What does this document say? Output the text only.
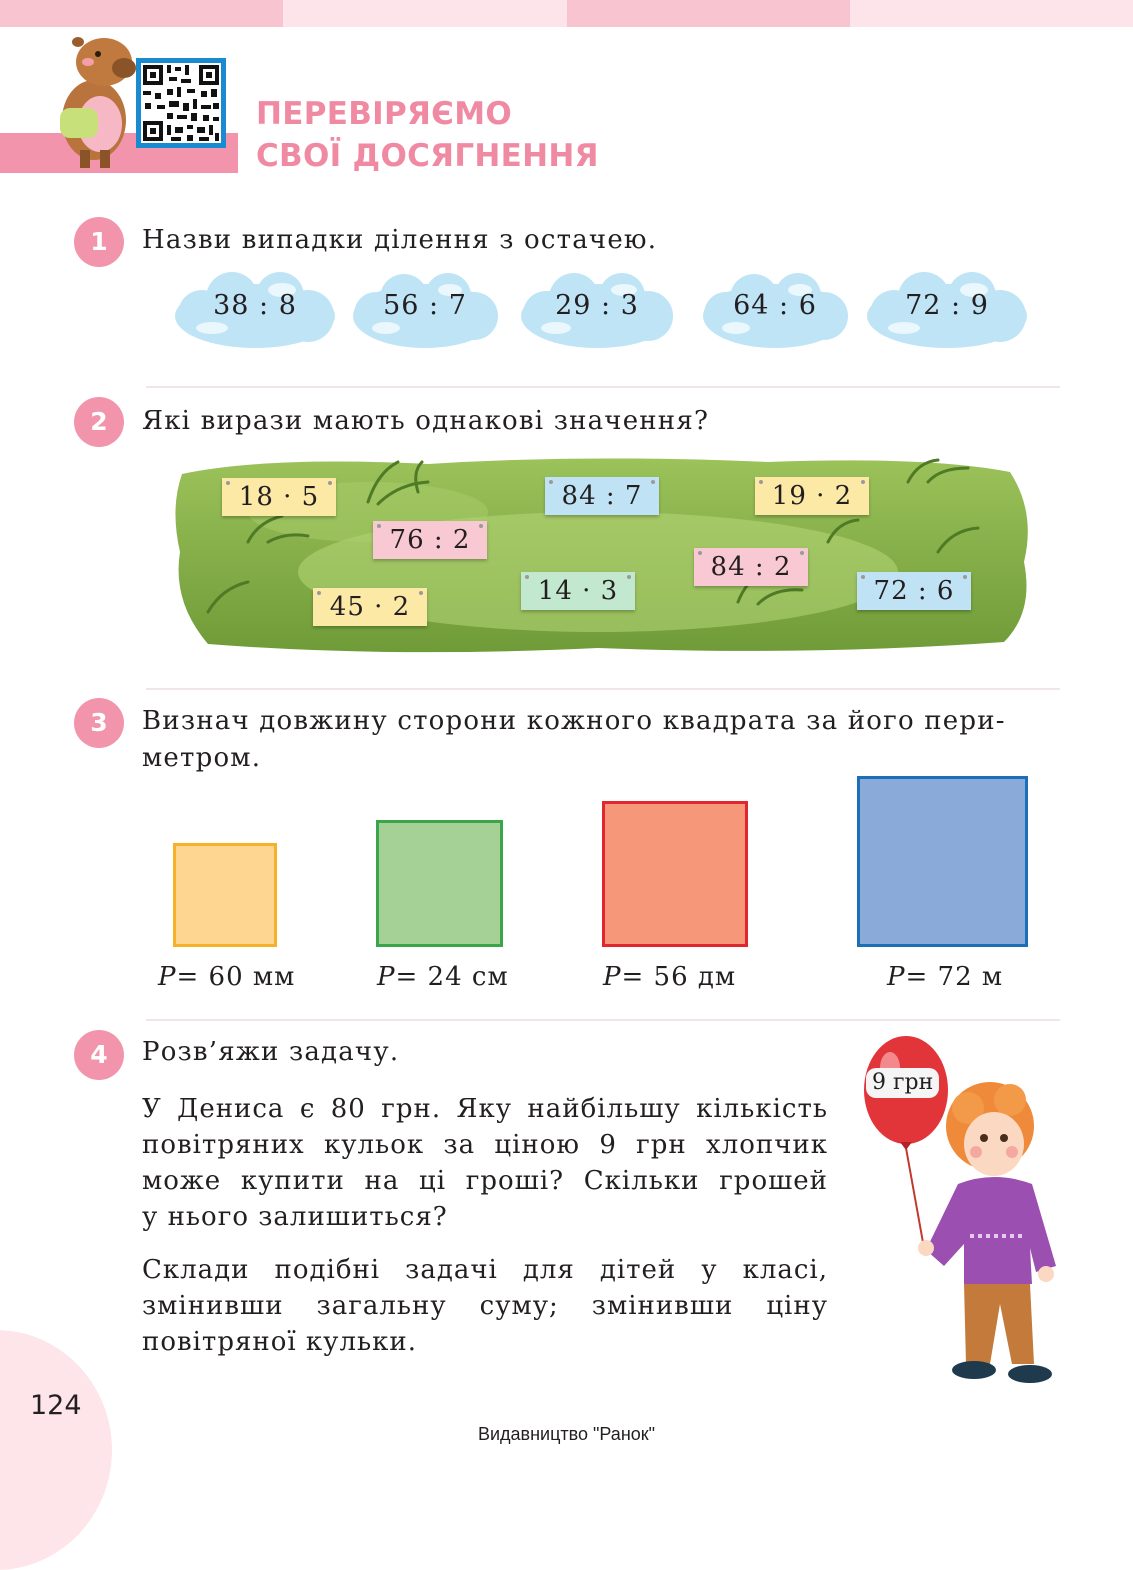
ПЕРЕВІРЯЄМО
СВОЇ ДОСЯГНЕННЯ
1	Назви випадки ділення з остачею.
38 : 8	56 : 7	29 : 3	64 : 6	72 : 9
2	Які вирази мають однакові значення?
18 · 5
76 : 2
45 · 2
84 : 7
14 · 3
19 · 2
84 : 2
72 : 6
3	Визнач довжину сторони кожного квадрата за його пери-
метром.
P= 60 мм	P= 24 см	P= 56 дм	P= 72 м
4	Розв’яжи задачу.
У Дениса є 80 грн. Яку найбільшу кількість
повітряних кульок за ціною 9 грн хлопчик
може купити на ці гроші? Скільки грошей
у нього залишиться?
Склади подібні задачі для дітей у класі,
змінивши загальну суму; змінивши ціну
повітряної кульки.
9 грн
124
Видавництво "Ранок"
